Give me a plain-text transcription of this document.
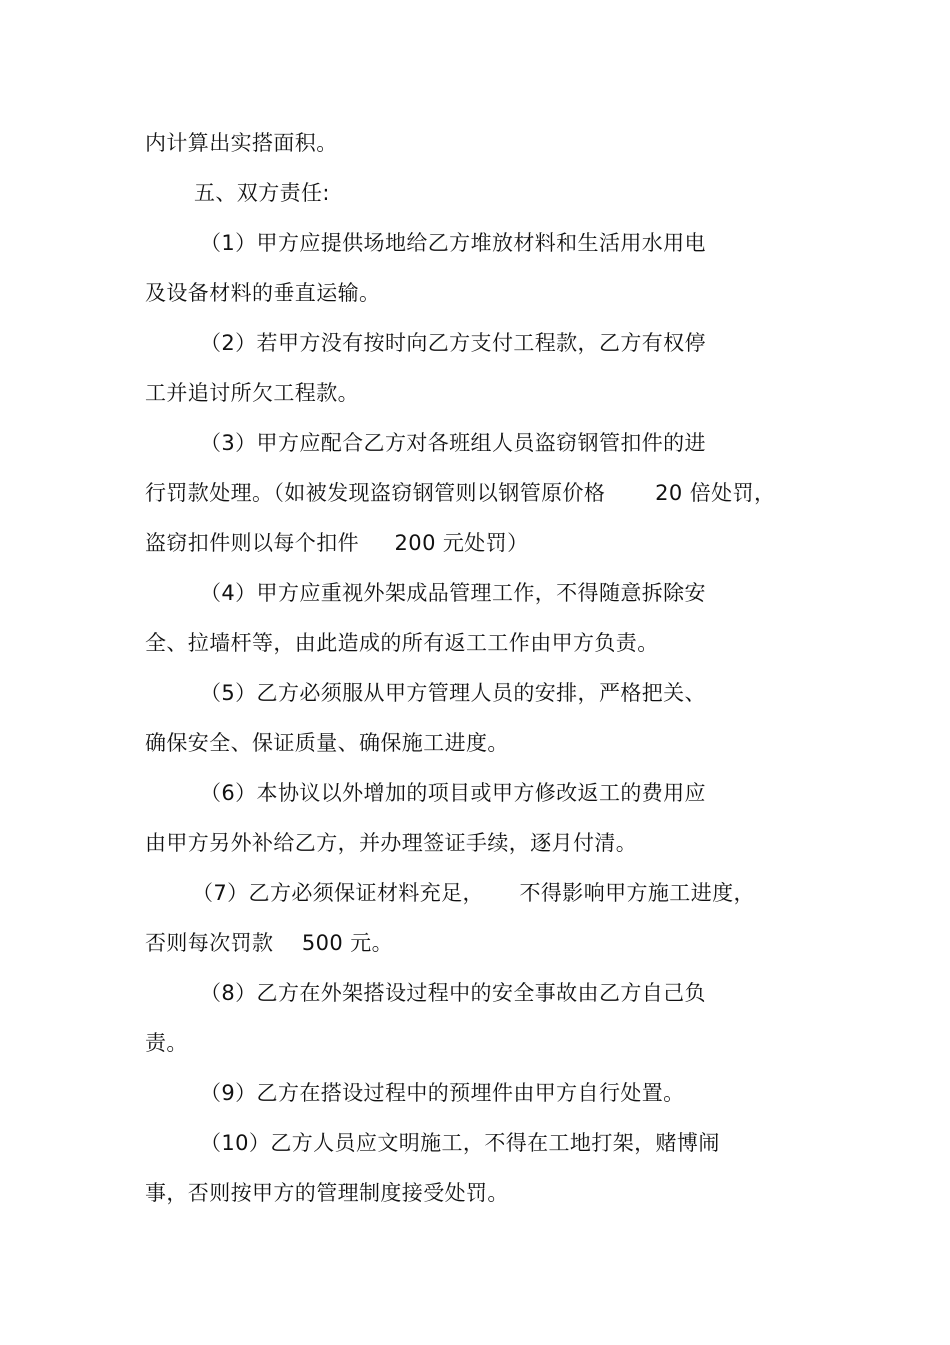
内计算出实搭面积。
五、双方责任:
（1）甲方应提供场地给乙方堆放材料和生活用水用电
及设备材料的垂直运输。
（2）若甲方没有按时向乙方支付工程款，乙方有权停
工并追讨所欠工程款。
（3）甲方应配合乙方对各班组人员盗窃钢管扣件的进
行罚款处理。（如被发现盗窃钢管则以钢管原价格 　　20 倍处罚，
盗窃扣件则以每个扣件 　 200 元处罚）
（4）甲方应重视外架成品管理工作，不得随意拆除安
全、拉墙杆等，由此造成的所有返工工作由甲方负责。
（5）乙方必须服从甲方管理人员的安排，严格把关、
确保安全、保证质量、确保施工进度。
（6）本协议以外增加的项目或甲方修改返工的费用应
由甲方另外补给乙方，并办理签证手续，逐月付清。
（7）乙方必须保证材料充足， 　 不得影响甲方施工进度，
否则每次罚款 　500 元。
（8）乙方在外架搭设过程中的安全事故由乙方自己负
责。
（9）乙方在搭设过程中的预埋件由甲方自行处置。
（10）乙方人员应文明施工，不得在工地打架，赌博闹
事，否则按甲方的管理制度接受处罚。
